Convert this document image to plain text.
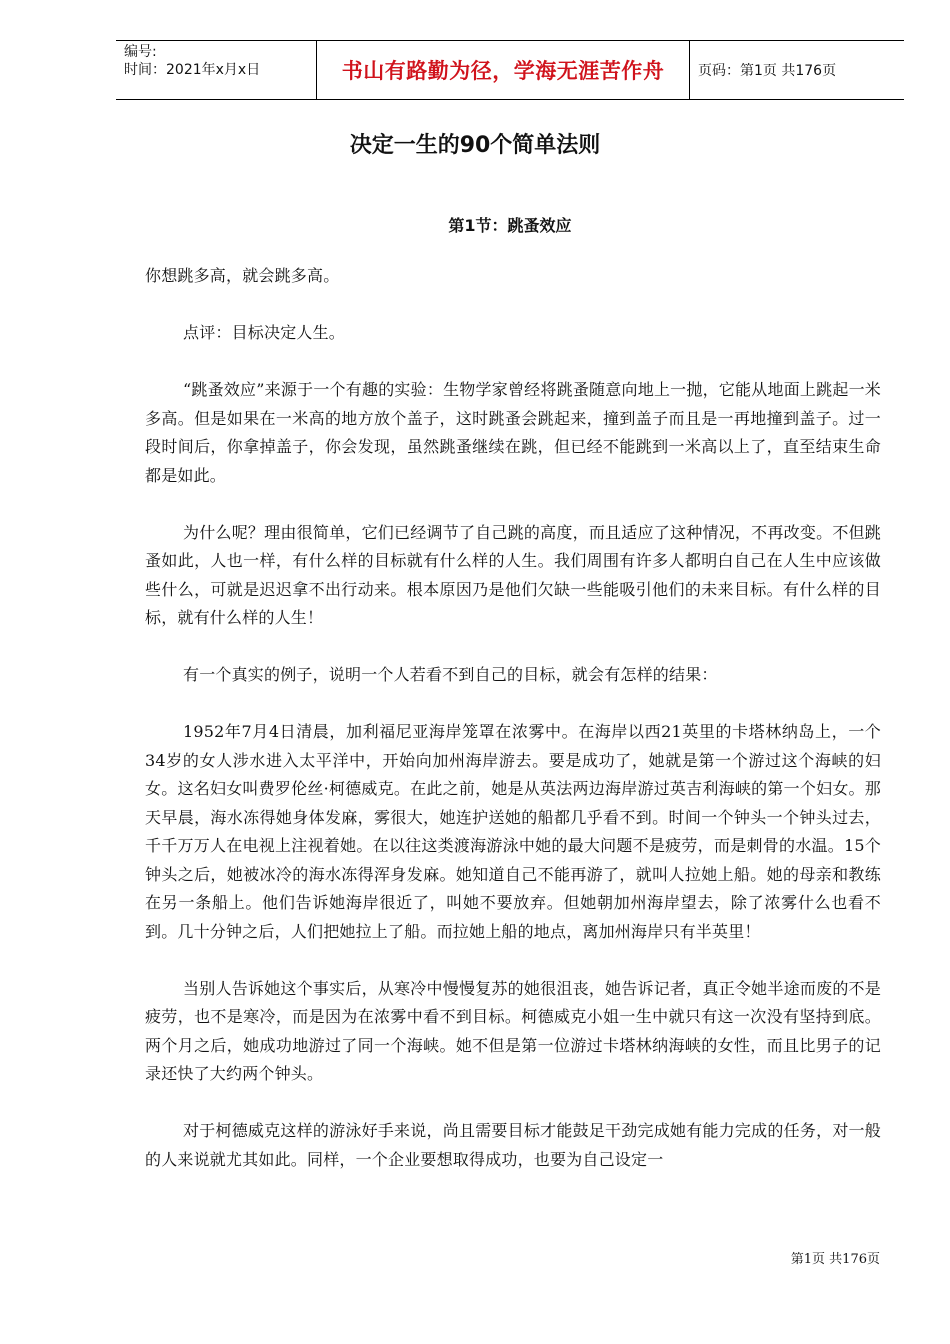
编号:
时间：2021年x月x日	书山有路勤为径，学海无涯苦作舟	页码：第1页 共176页
决定一生的90个简单法则
第1节：跳蚤效应

你想跳多高，就会跳多高。

点评：目标决定人生。

“跳蚤效应”来源于一个有趣的实验：生物学家曾经将跳蚤随意向地上一抛，它能从地面上跳起一米多高。但是如果在一米高的地方放个盖子，这时跳蚤会跳起来，撞到盖子而且是一再地撞到盖子。过一段时间后，你拿掉盖子，你会发现，虽然跳蚤继续在跳，但已经不能跳到一米高以上了，直至结束生命都是如此。

为什么呢？理由很简单，它们已经调节了自己跳的高度，而且适应了这种情况，不再改变。不但跳蚤如此，人也一样，有什么样的目标就有什么样的人生。我们周围有许多人都明白自己在人生中应该做些什么，可就是迟迟拿不出行动来。根本原因乃是他们欠缺一些能吸引他们的未来目标。有什么样的目标，就有什么样的人生！

有一个真实的例子，说明一个人若看不到自己的目标，就会有怎样的结果：

1952年7月4日清晨，加利福尼亚海岸笼罩在浓雾中。在海岸以西21英里的卡塔林纳岛上，一个34岁的女人涉水进入太平洋中，开始向加州海岸游去。要是成功了，她就是第一个游过这个海峡的妇女。这名妇女叫费罗伦丝·柯德威克。在此之前，她是从英法两边海岸游过英吉利海峡的第一个妇女。那天早晨，海水冻得她身体发麻，雾很大，她连护送她的船都几乎看不到。时间一个钟头一个钟头过去，千千万万人在电视上注视着她。在以往这类渡海游泳中她的最大问题不是疲劳，而是刺骨的水温。15个钟头之后，她被冰冷的海水冻得浑身发麻。她知道自己不能再游了，就叫人拉她上船。她的母亲和教练在另一条船上。他们告诉她海岸很近了，叫她不要放弃。但她朝加州海岸望去，除了浓雾什么也看不到。几十分钟之后，人们把她拉上了船。而拉她上船的地点，离加州海岸只有半英里！

当别人告诉她这个事实后，从寒冷中慢慢复苏的她很沮丧，她告诉记者，真正令她半途而废的不是疲劳，也不是寒冷，而是因为在浓雾中看不到目标。柯德威克小姐一生中就只有这一次没有坚持到底。两个月之后，她成功地游过了同一个海峡。她不但是第一位游过卡塔林纳海峡的女性，而且比男子的记录还快了大约两个钟头。

对于柯德威克这样的游泳好手来说，尚且需要目标才能鼓足干劲完成她有能力完成的任务，对一般的人来说就尤其如此。同样，一个企业要想取得成功，也要为自己设定一

第1页 共176页
